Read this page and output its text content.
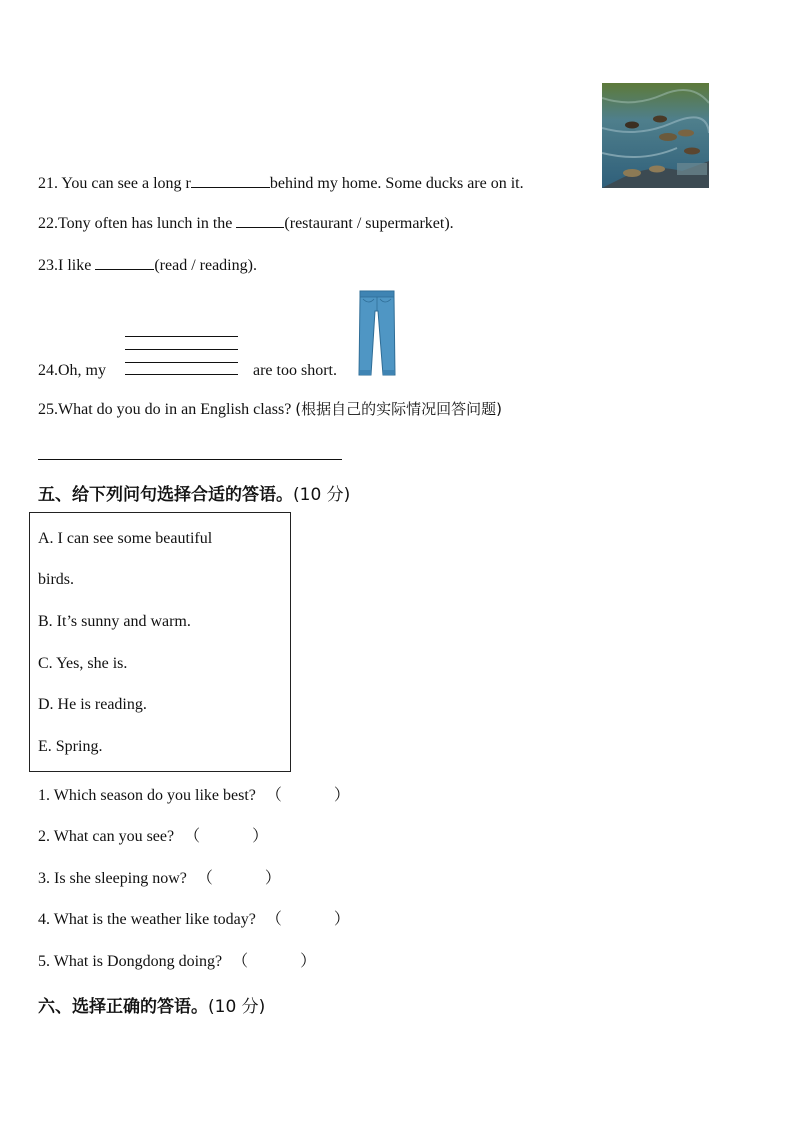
21. You can see a long r	behind my home. Some ducks are on it.
22.Tony often has lunch in the	(restaurant / supermarket).
23.I like	(read / reading).
24.Oh, my	are too short.
25.What do you do in an English class? (根据自己的实际情况回答问题)
五、给下列问句选择合适的答语。(10 分)
A. I can see some beautiful
birds.
B. It’s sunny and warm.
C. Yes, she is.
D. He is reading.
E. Spring.
1. Which season do you like best? （	）
2. What can you see? （	）
3. Is she sleeping now? （	）
4. What is the weather like today? （	）
5. What is Dongdong doing? （	）
六、选择正确的答语。(10 分)
